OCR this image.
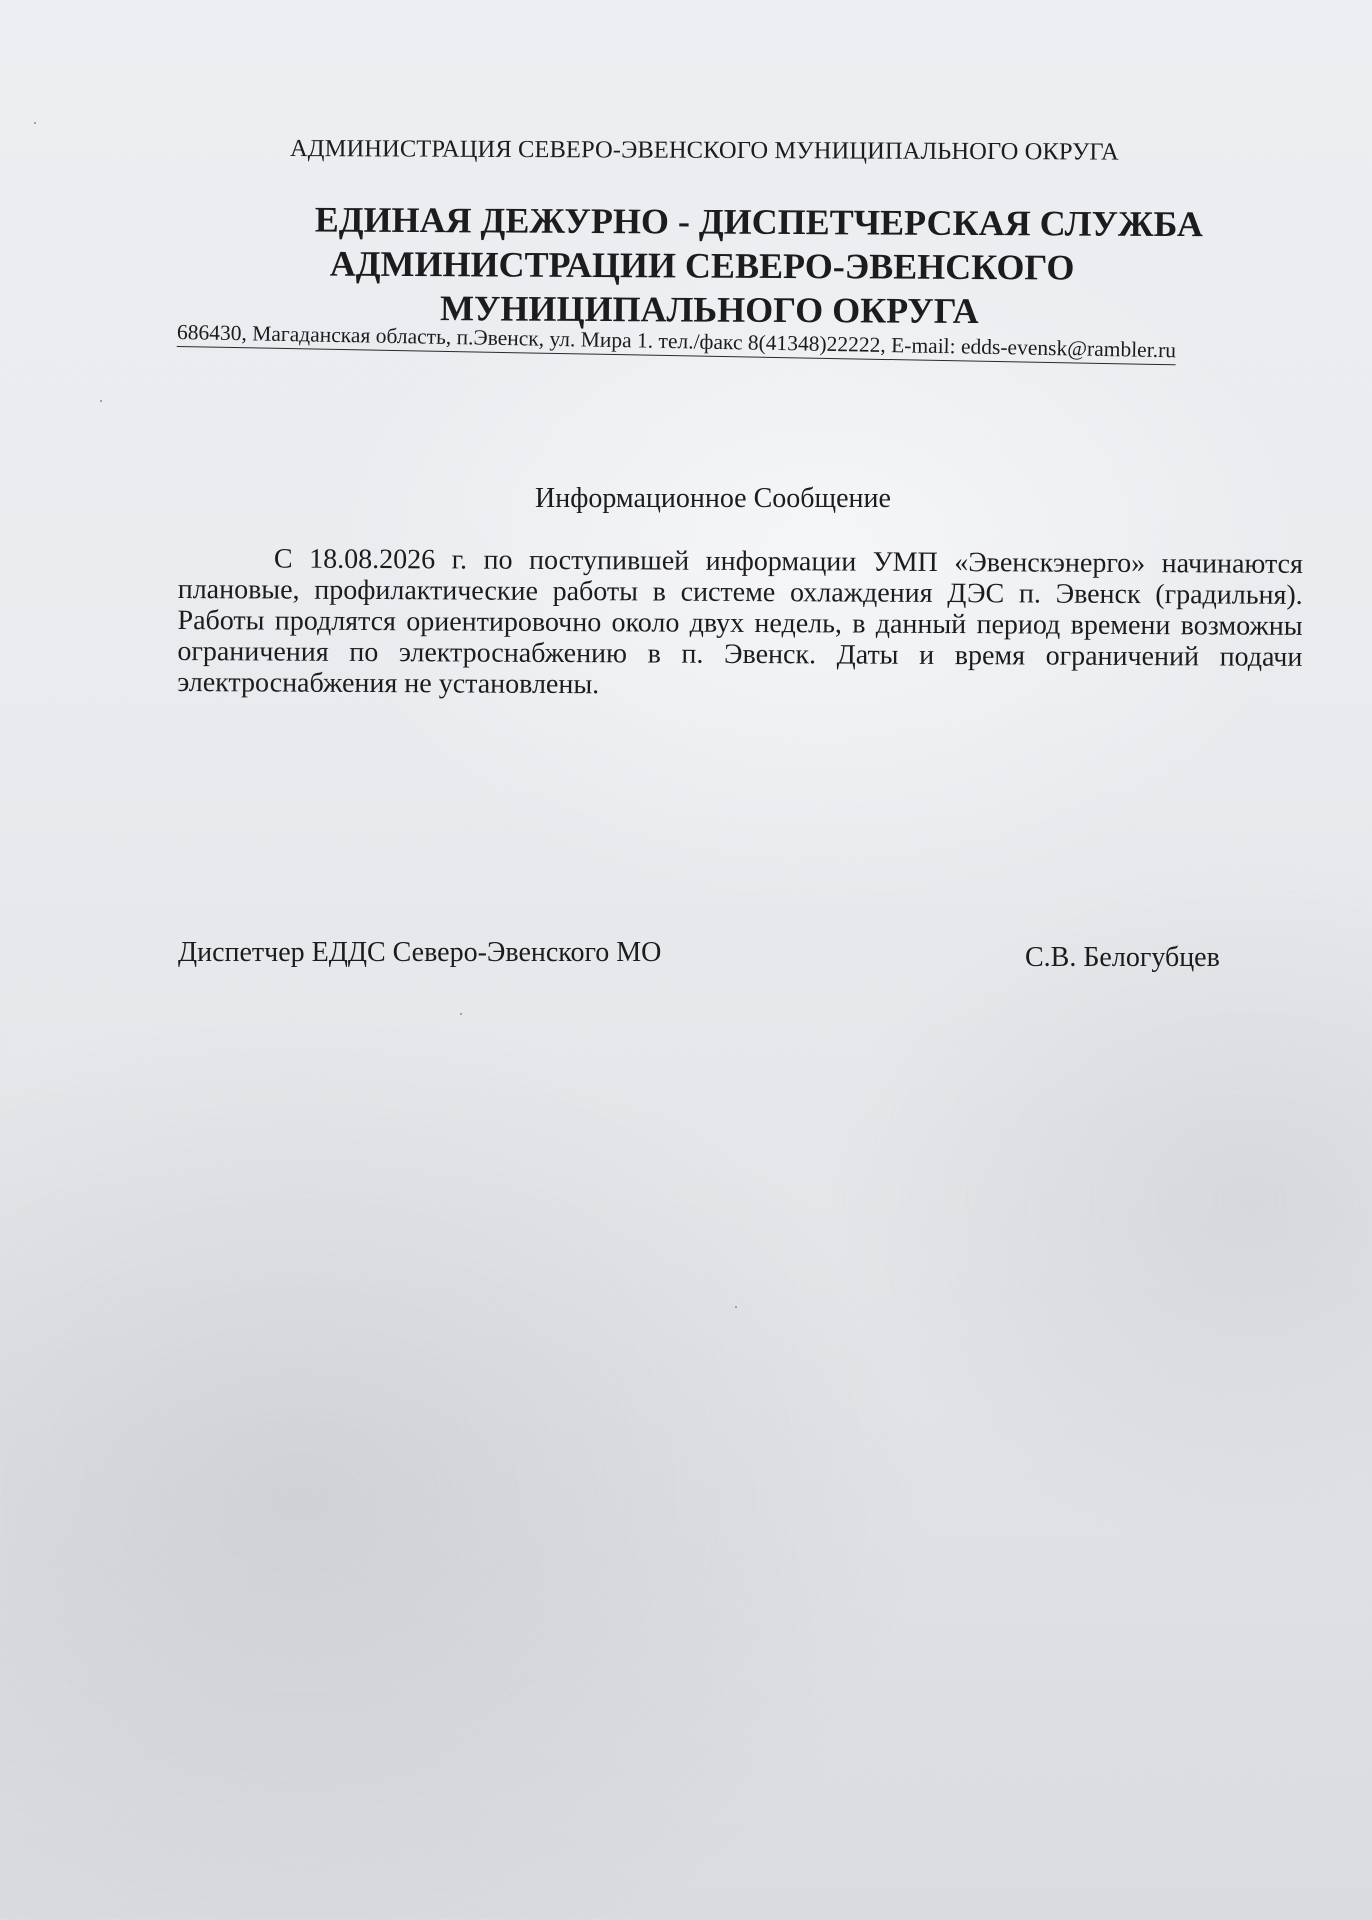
АДМИНИСТРАЦИЯ СЕВЕРО-ЭВЕНСКОГО МУНИЦИПАЛЬНОГО ОКРУГА
ЕДИНАЯ ДЕЖУРНО - ДИСПЕТЧЕРСКАЯ СЛУЖБА
АДМИНИСТРАЦИИ СЕВЕРО-ЭВЕНСКОГО
МУНИЦИПАЛЬНОГО ОКРУГА
686430, Магаданская область, п.Эвенск, ул. Мира 1. тел./факс 8(41348)22222, E-mail: edds-evensk@rambler.ru
Информационное Сообщение
С 18.08.2026 г. по поступившей информации УМП «Эвенскэнерго» начинаются плановые, профилактические работы в системе охлаждения ДЭС п. Эвенск (градильня). Работы продлятся ориентировочно около двух недель, в данный период времени возможны ограничения по электроснабжению в п. Эвенск. Даты и время ограничений подачи электроснабжения не установлены.
Диспетчер ЕДДС Северо-Эвенского МО	С.В. Белогубцев
